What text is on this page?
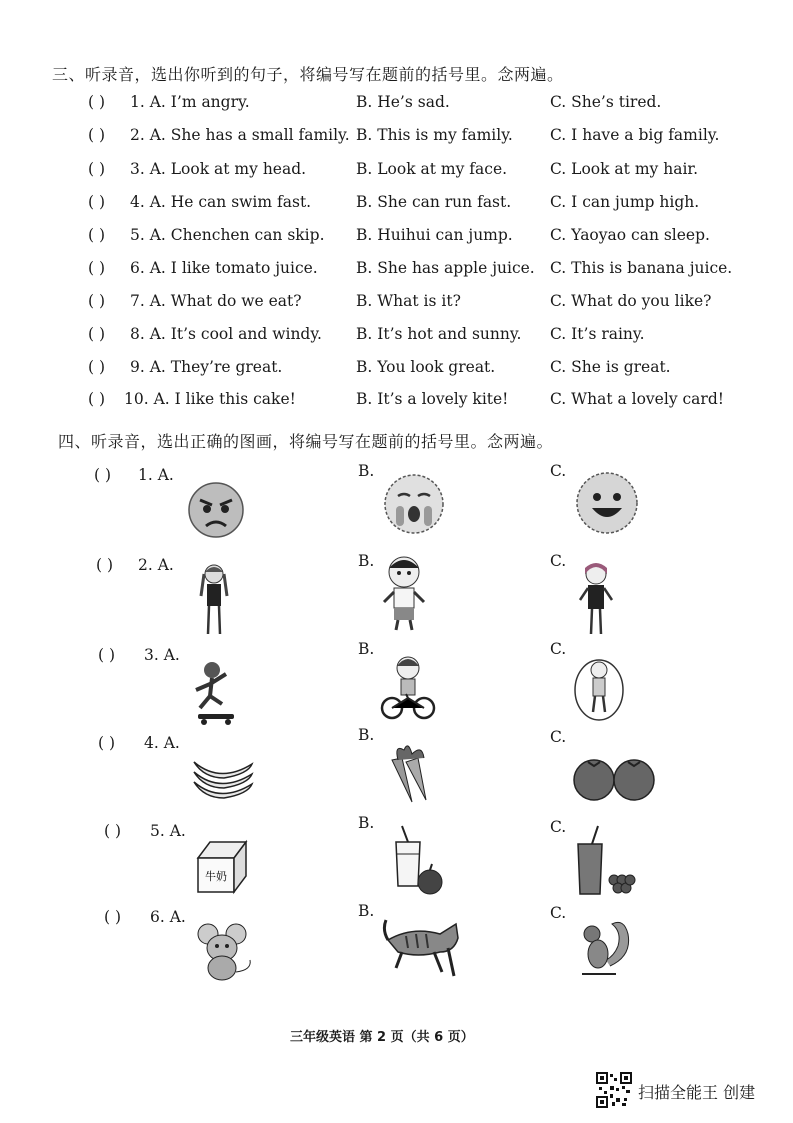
三、听录音，选出你听到的句子，将编号写在题前的括号里。念两遍。
( ) 1. A. I’m angry.	B. He’s sad.	C. She’s tired.
( ) 2. A. She has a small family. B. This is my family. C. I have a big family.
( ) 3. A. Look at my head.	B. Look at my face.	C. Look at my hair.
( ) 4. A. He can swim fast.	B. She can run fast.	C. I can jump high.
( ) 5. A. Chenchen can skip. B. Huihui can jump. C. Yaoyao can sleep.
( ) 6. A. I like tomato juice. B. She has apple juice. C. This is banana juice.
( ) 7. A. What do we eat?	B. What is it?	C. What do you like?
( ) 8. A. It’s cool and windy. B. It’s hot and sunny. C. It’s rainy.
( ) 9. A. They’re great.	B. You look great.	C. She is great.
( ) 10. A. I like this cake!	B. It’s a lovely kite!	C. What a lovely card!
四、听录音，选出正确的图画，将编号写在题前的括号里。念两遍。
( ) 1. A.	B.	C.
( ) 2. A.	B.	C.
( ) 3. A.	B.	C.
( ) 4. A.	B.	C.
( ) 5. A.	B.	C.
牛奶
( ) 6. A.	B.	C.
三年级英语 第 2 页（共 6 页）
扫描全能王 创建
